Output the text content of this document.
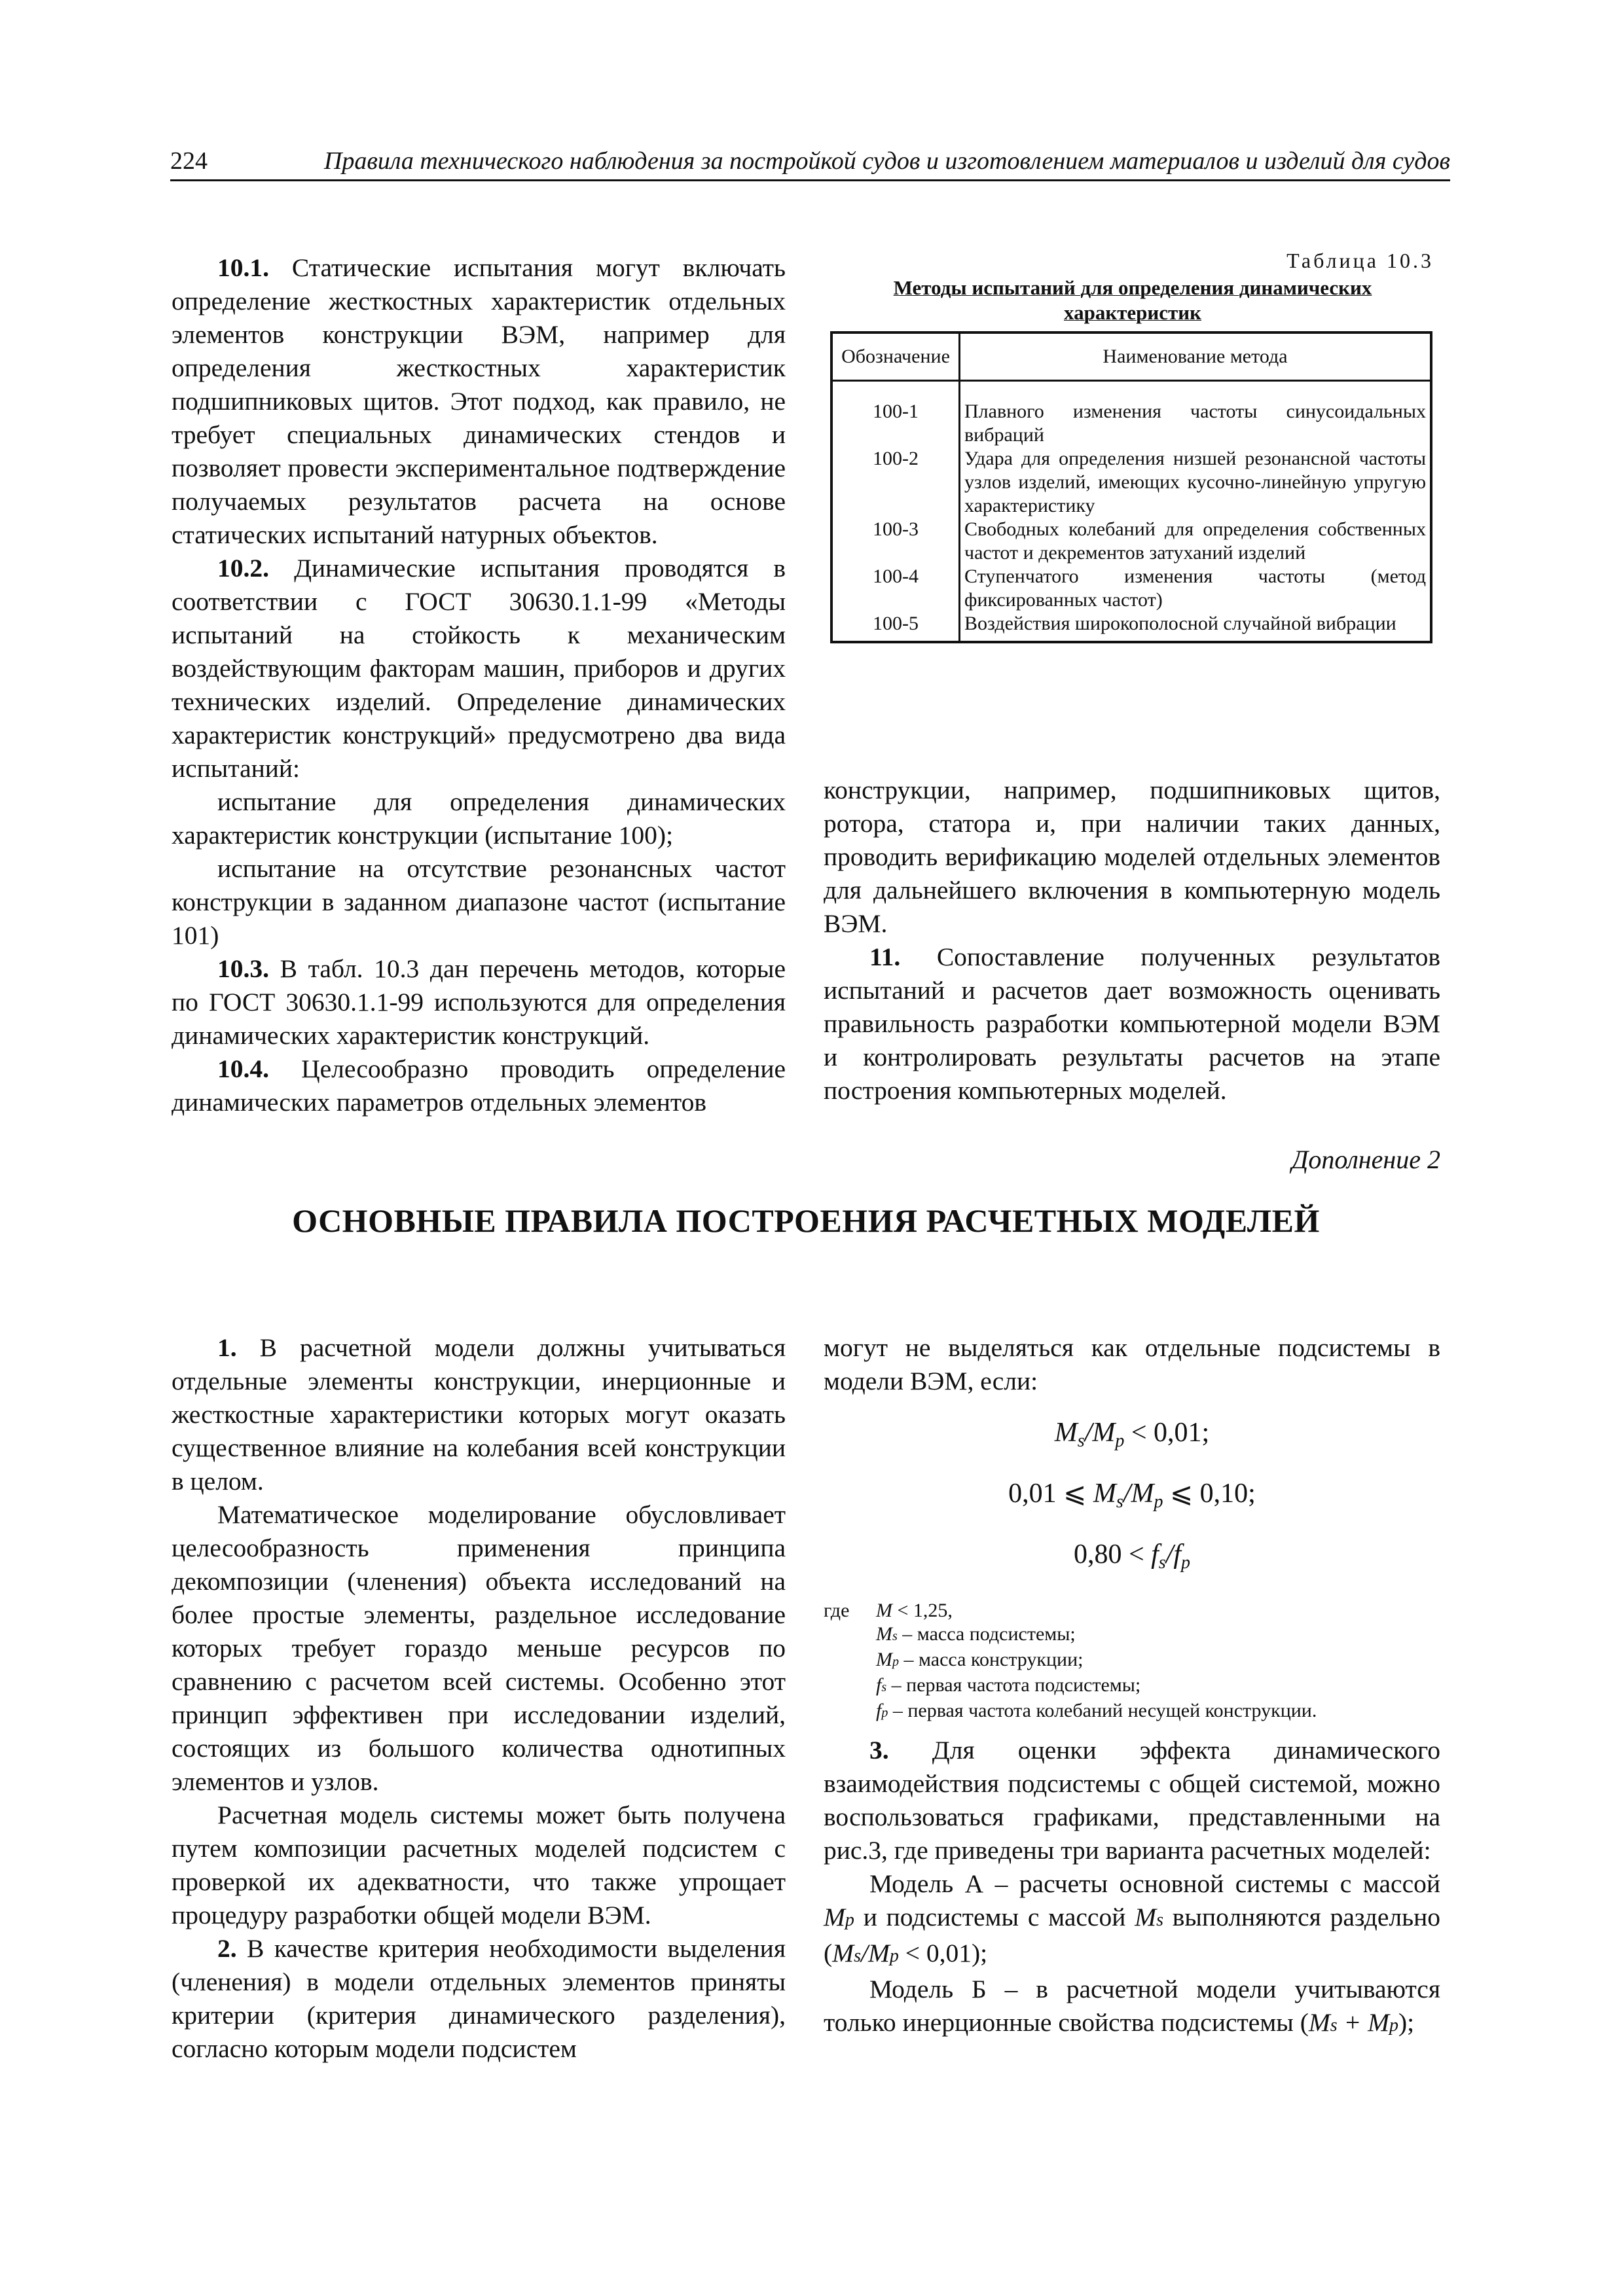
224	Правила технического наблюдения за постройкой судов и изготовлением материалов и изделий для судов

10.1. Статические испытания могут включать определение жесткостных характеристик отдельных элементов конструкции ВЭМ, например для определения жесткостных характеристик подшипниковых щитов. Этот подход, как правило, не требует специальных динамических стендов и позволяет провести экспериментальное подтверждение получаемых результатов расчета на основе статических испытаний натурных объектов.

10.2. Динамические испытания проводятся в соответствии с ГОСТ 30630.1.1-99 «Методы испытаний на стойкость к механическим воздействующим факторам машин, приборов и других технических изделий. Определение динамических характеристик конструкций» предусмотрено два вида испытаний:

испытание для определения динамических характеристик конструкции (испытание 100);

испытание на отсутствие резонансных частот конструкции в заданном диапазоне частот (испытание 101)

10.3. В табл. 10.3 дан перечень методов, которые по ГОСТ 30630.1.1-99 используются для определения динамических характеристик конструкций.

10.4. Целесообразно проводить определение динамических параметров отдельных элементов

Таблица 10.3
Методы испытаний для определения динамических характеристик
Обозначение	Наименование метода
100-1	Плавного изменения частоты синусоидальных вибраций
100-2	Удара для определения низшей резонансной частоты узлов изделий, имеющих кусочно-линейную упругую характеристику
100-3	Свободных колебаний для определения собственных частот и декрементов затуханий изделий
100-4	Ступенчатого изменения частоты (метод фиксированных частот)
100-5	Воздействия широкополосной случайной вибрации

конструкции, например, подшипниковых щитов, ротора, статора и, при наличии таких данных, проводить верификацию моделей отдельных элементов для дальнейшего включения в компьютерную модель ВЭМ.

11. Сопоставление полученных результатов испытаний и расчетов дает возможность оценивать правильность разработки компьютерной модели ВЭМ и контролировать результаты расчетов на этапе построения компьютерных моделей.

Дополнение 2
ОСНОВНЫЕ ПРАВИЛА ПОСТРОЕНИЯ РАСЧЕТНЫХ МОДЕЛЕЙ

1. В расчетной модели должны учитываться отдельные элементы конструкции, инерционные и жесткостные характеристики которых могут оказать существенное влияние на колебания всей конструкции в целом.

Математическое моделирование обусловливает целесообразность применения принципа декомпозиции (членения) объекта исследований на более простые элементы, раздельное исследование которых требует гораздо меньше ресурсов по сравнению с расчетом всей системы. Особенно этот принцип эффективен при исследовании изделий, состоящих из большого количества однотипных элементов и узлов.

Расчетная модель системы может быть получена путем композиции расчетных моделей подсистем с проверкой их адекватности, что также упрощает процедуру разработки общей модели ВЭМ.

2. В качестве критерия необходимости выделения (членения) в модели отдельных элементов приняты критерии (критерия динамического разделения), согласно которым модели подсистем

могут не выделяться как отдельные подсистемы в модели ВЭМ, если:

$M_s/M_p < 0,01$;
0,01 ⩽ $M_s/M_p$ ⩽ 0,10;
$0,80 < f_s/f_p$
где	M < 1,25,
Ms – масса подсистемы;
Mp – масса конструкции;
fs – первая частота подсистемы;
fp – первая частота колебаний несущей конструкции.

3. Для оценки эффекта динамического взаимодействия подсистемы с общей системой, можно воспользоваться графиками, представленными на рис.3, где приведены три варианта расчетных моделей:

Модель А – расчеты основной системы с массой Mp и подсистемы с массой Ms выполняются раздельно (Ms/Mp < 0,01);

Модель Б – в расчетной модели учитываются только инерционные свойства подсистемы (Ms + Mp);
